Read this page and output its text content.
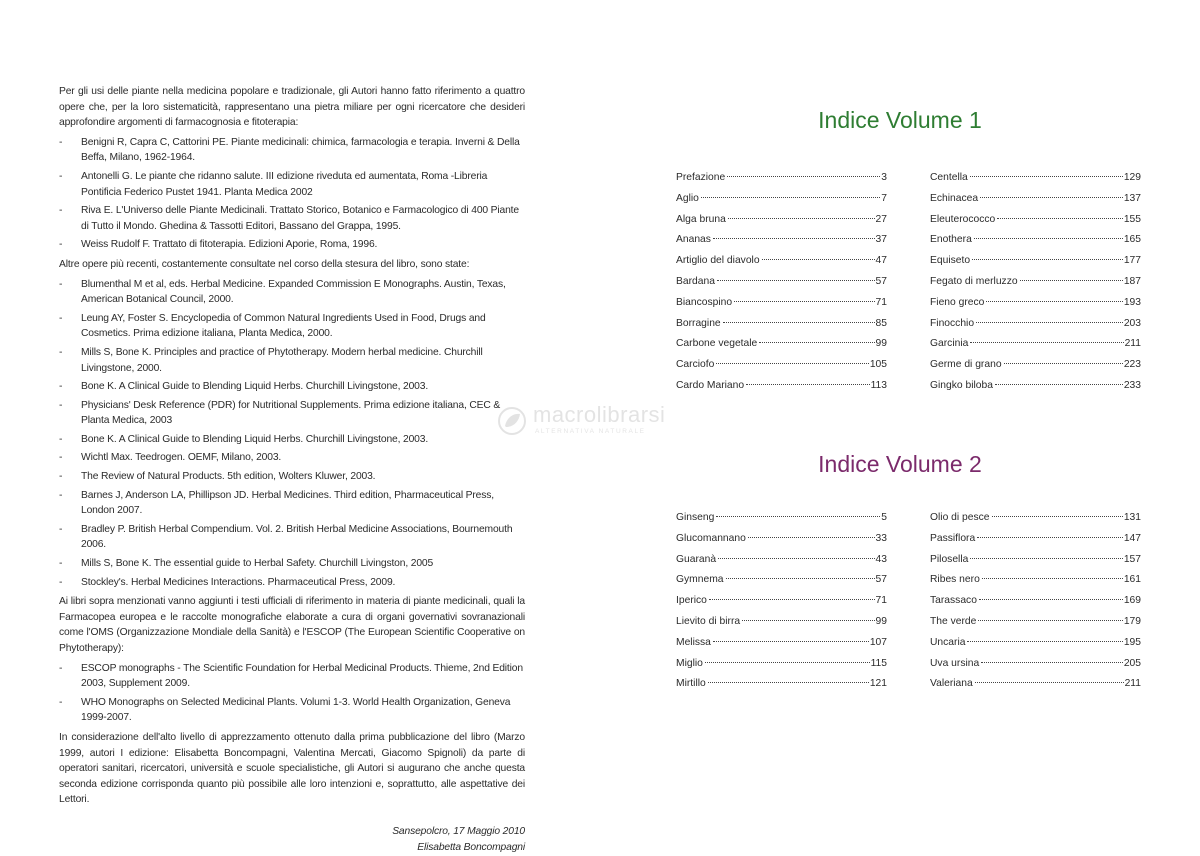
Per gli usi delle piante nella medicina popolare e tradizionale, gli Autori hanno fatto riferimento a quattro opere che, per la loro sistematicità, rappresentano una pietra miliare per ogni ricercatore che desideri approfondire argomenti di farmacognosia e fitoterapia:

- Benigni R, Capra C, Cattorini PE. Piante medicinali: chimica, farmacologia e terapia. Inverni & Della Beffa, Milano, 1962-1964.
- Antonelli G. Le piante che ridanno salute. III edizione riveduta ed aumentata, Roma -Libreria Pontificia Federico Pustet 1941. Planta Medica 2002
- Riva E. L'Universo delle Piante Medicinali. Trattato Storico, Botanico e Farmacologico di 400 Piante di Tutto il Mondo. Ghedina & Tassotti Editori, Bassano del Grappa, 1995.
- Weiss Rudolf F. Trattato di fitoterapia. Edizioni Aporie, Roma, 1996.

Altre opere più recenti, costantemente consultate nel corso della stesura del libro, sono state:

- Blumenthal M et al, eds. Herbal Medicine. Expanded Commission E Monographs. Austin, Texas, American Botanical Council, 2000.
- Leung AY, Foster S. Encyclopedia of Common Natural Ingredients Used in Food, Drugs and Cosmetics. Prima edizione italiana, Planta Medica, 2000.
- Mills S, Bone K. Principles and practice of Phytotherapy. Modern herbal medicine. Churchill Livingstone, 2000.
- Bone K. A Clinical Guide to Blending Liquid Herbs. Churchill Livingstone, 2003.
- Physicians' Desk Reference (PDR) for Nutritional Supplements. Prima edizione italiana, CEC & Planta Medica, 2003
- Bone K. A Clinical Guide to Blending Liquid Herbs. Churchill Livingstone, 2003.
- Wichtl Max. Teedrogen. OEMF, Milano, 2003.
- The Review of Natural Products. 5th edition, Wolters Kluwer, 2003.
- Barnes J, Anderson LA, Phillipson JD. Herbal Medicines. Third edition, Pharmaceutical Press, London 2007.
- Bradley P. British Herbal Compendium. Vol. 2. British Herbal Medicine Associations, Bournemouth 2006.
- Mills S, Bone K. The essential guide to Herbal Safety. Churchill Livingston, 2005
- Stockley's. Herbal Medicines Interactions. Pharmaceutical Press, 2009.

Ai libri sopra menzionati vanno aggiunti i testi ufficiali di riferimento in materia di piante medicinali, quali la Farmacopea europea e le raccolte monografiche elaborate a cura di organi governativi sovranazionali come l'OMS (Organizzazione Mondiale della Sanità) e l'ESCOP (The European Scientific Cooperative on Phytotherapy):

- ESCOP monographs - The Scientific Foundation for Herbal Medicinal Products. Thieme, 2nd Edition 2003, Supplement 2009.
- WHO Monographs on Selected Medicinal Plants. Volumi 1-3. World Health Organization, Geneva 1999-2007.

In considerazione dell'alto livello di apprezzamento ottenuto dalla prima pubblicazione del libro (Marzo 1999, autori I edizione: Elisabetta Boncompagni, Valentina Mercati, Giacomo Spignoli) da parte di operatori sanitari, ricercatori, università e scuole specialistiche, gli Autori si augurano che anche questa seconda edizione corrisponda quanto più possibile alle loro intenzioni e, soprattutto, alle aspettative dei Lettori.

Sansepolcro, 17 Maggio 2010
Elisabetta Boncompagni
Indice Volume 1
Prefazione	3
Aglio	7
Alga bruna	27
Ananas	37
Artiglio del diavolo	47
Bardana	57
Biancospino	71
Borragine	85
Carbone vegetale	99
Carciofo	105
Cardo Mariano	113
Centella	129
Echinacea	137
Eleuterococco	155
Enothera	165
Equiseto	177
Fegato di merluzzo	187
Fieno greco	193
Finocchio	203
Garcinia	211
Germe di grano	223
Gingko biloba	233
Indice Volume 2
Ginseng	5
Glucomannano	33
Guaranà	43
Gymnema	57
Iperico	71
Lievito di birra	99
Melissa	107
Miglio	115
Mirtillo	121
Olio di pesce	131
Passiflora	147
Pilosella	157
Ribes nero	161
Tarassaco	169
The verde	179
Uncaria	195
Uva ursina	205
Valeriana	211
macrolibrarsi
ALTERNATIVA NATURALE
